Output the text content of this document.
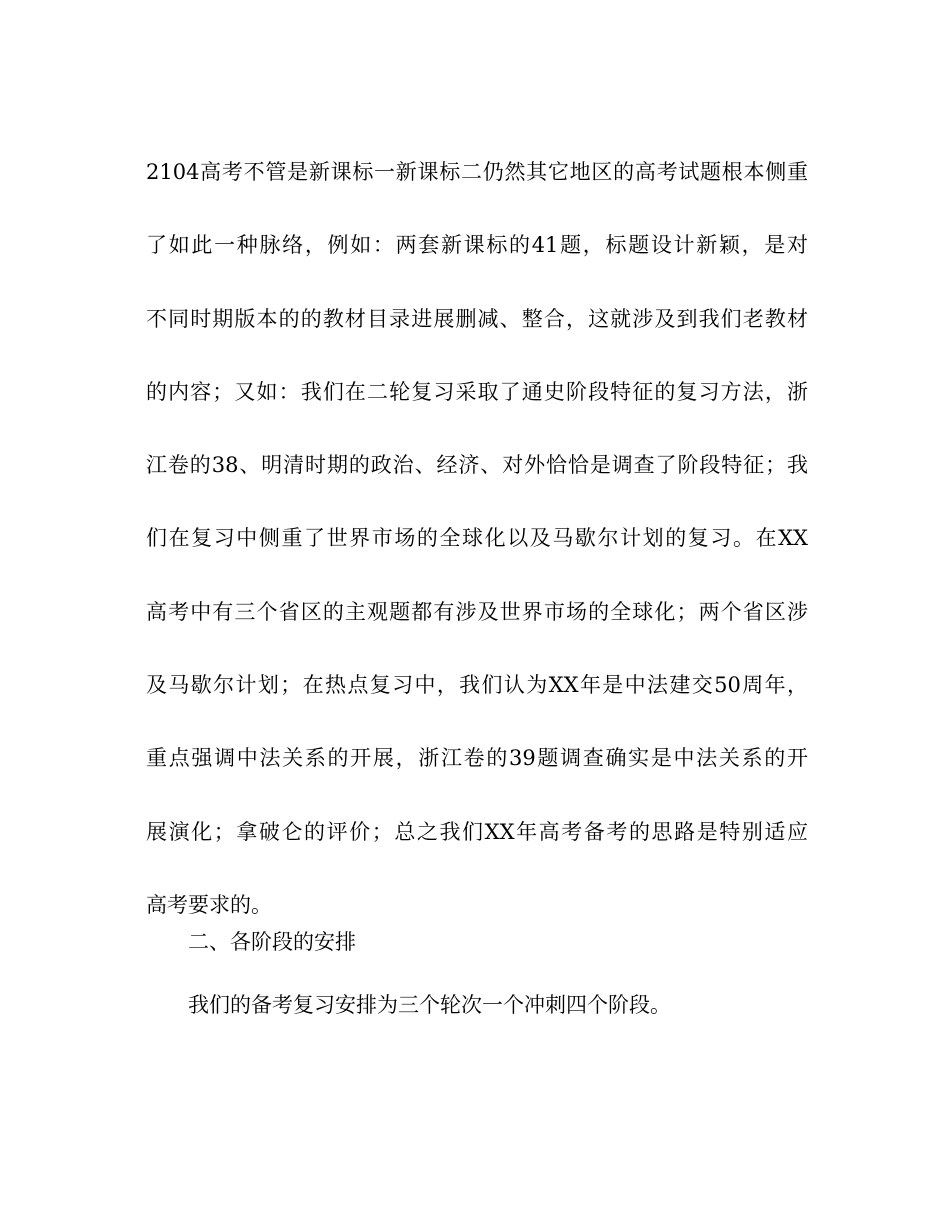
2104高考不管是新课标一新课标二仍然其它地区的高考试题根本侧重
了如此一种脉络，例如：两套新课标的41题，标题设计新颖，是对
不同时期版本的的教材目录进展删减、整合，这就涉及到我们老教材
的内容；又如：我们在二轮复习采取了通史阶段特征的复习方法，浙
江卷的38、明清时期的政治、经济、对外恰恰是调查了阶段特征；我
们在复习中侧重了世界市场的全球化以及马歇尔计划的复习。在XX
高考中有三个省区的主观题都有涉及世界市场的全球化；两个省区涉
及马歇尔计划；在热点复习中，我们认为XX年是中法建交50周年，
重点强调中法关系的开展，浙江卷的39题调查确实是中法关系的开
展演化；拿破仑的评价；总之我们XX年高考备考的思路是特别适应
高考要求的。

二、各阶段的安排

我们的备考复习安排为三个轮次一个冲刺四个阶段。
